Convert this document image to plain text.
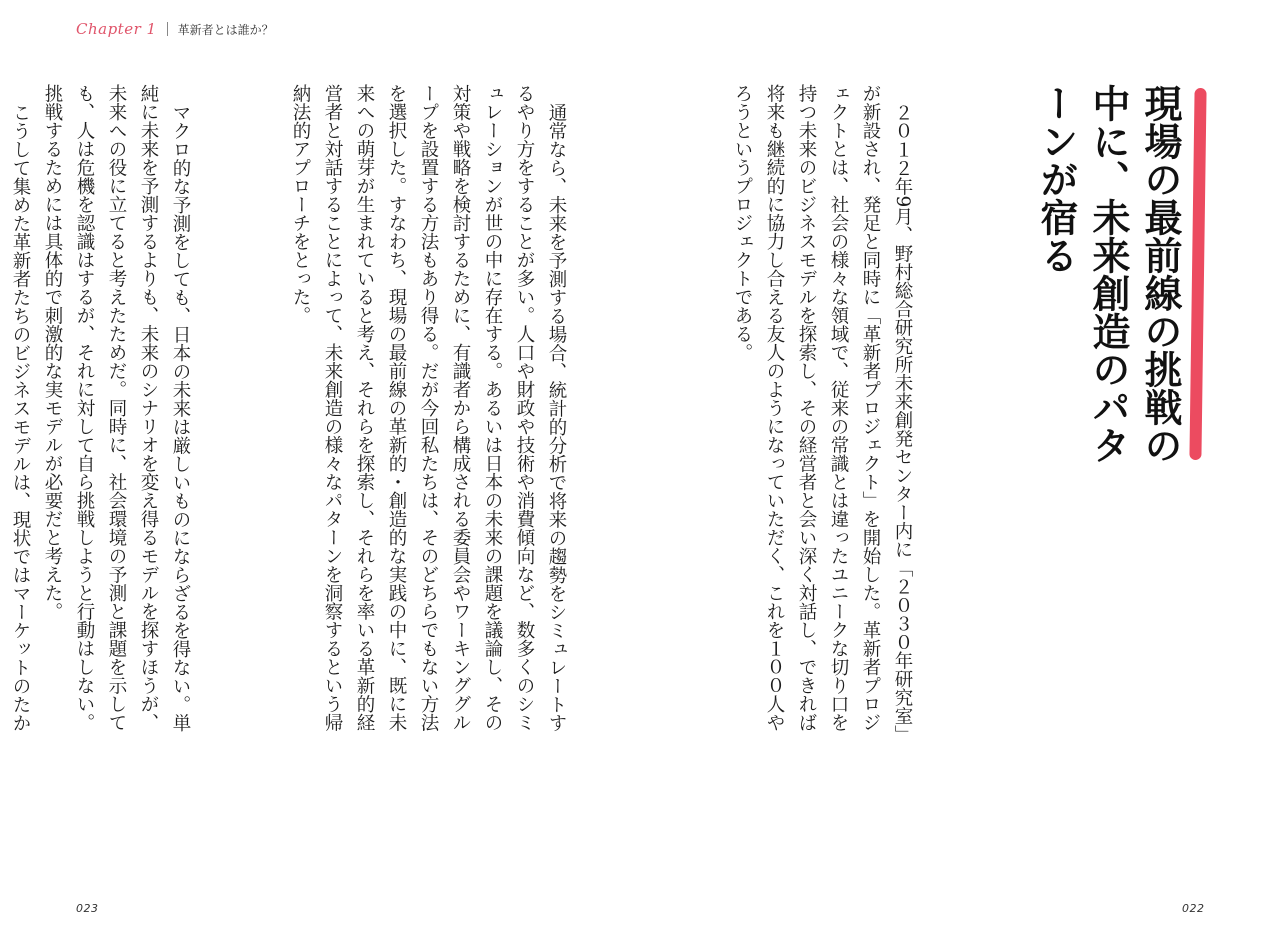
Chapter 1 革新者とは誰か？
現場の最前線の挑戦の中に、未来創造のパターンが宿る

２０１２年9月、野村総合研究所未来創発センター内に「２０３０年研究室」が新設され、発足と同時に「革新者プロジェクト」を開始した。革新者プロジェクトとは、社会の様々な領域で、従来の常識とは違ったユニークな切り口を持つ未来のビジネスモデルを探索し、その経営者と会い深く対話し、できれば将来も継続的に協力し合える友人のようになっていただく、これを１００人やろうというプロジェクトである。

通常なら、未来を予測する場合、統計的分析で将来の趨勢をシミュレートするやり方をすることが多い。人口や財政や技術や消費傾向など、数多くのシミュレーションが世の中に存在する。あるいは日本の未来の課題を議論し、その対策や戦略を検討するために、有識者から構成される委員会やワーキンググループを設置する方法もあり得る。だが今回私たちは、そのどちらでもない方法を選択した。すなわち、現場の最前線の革新的・創造的な実践の中に、既に未来への萌芽が生まれていると考え、それらを探索し、それらを率いる革新的経営者と対話することによって、未来創造の様々なパターンを洞察するという帰納法的アプローチをとった。

マクロ的な予測をしても、日本の未来は厳しいものにならざるを得ない。単純に未来を予測するよりも、未来のシナリオを変え得るモデルを探すほうが、未来への役に立てると考えたためだ。同時に、社会環境の予測と課題を示しても、人は危機を認識はするが、それに対して自ら挑戦しようと行動はしない。挑戦するためには具体的で刺激的な実モデルが必要だと考えた。

こうして集めた革新者たちのビジネスモデルは、現状ではマーケットのたか

023	022
